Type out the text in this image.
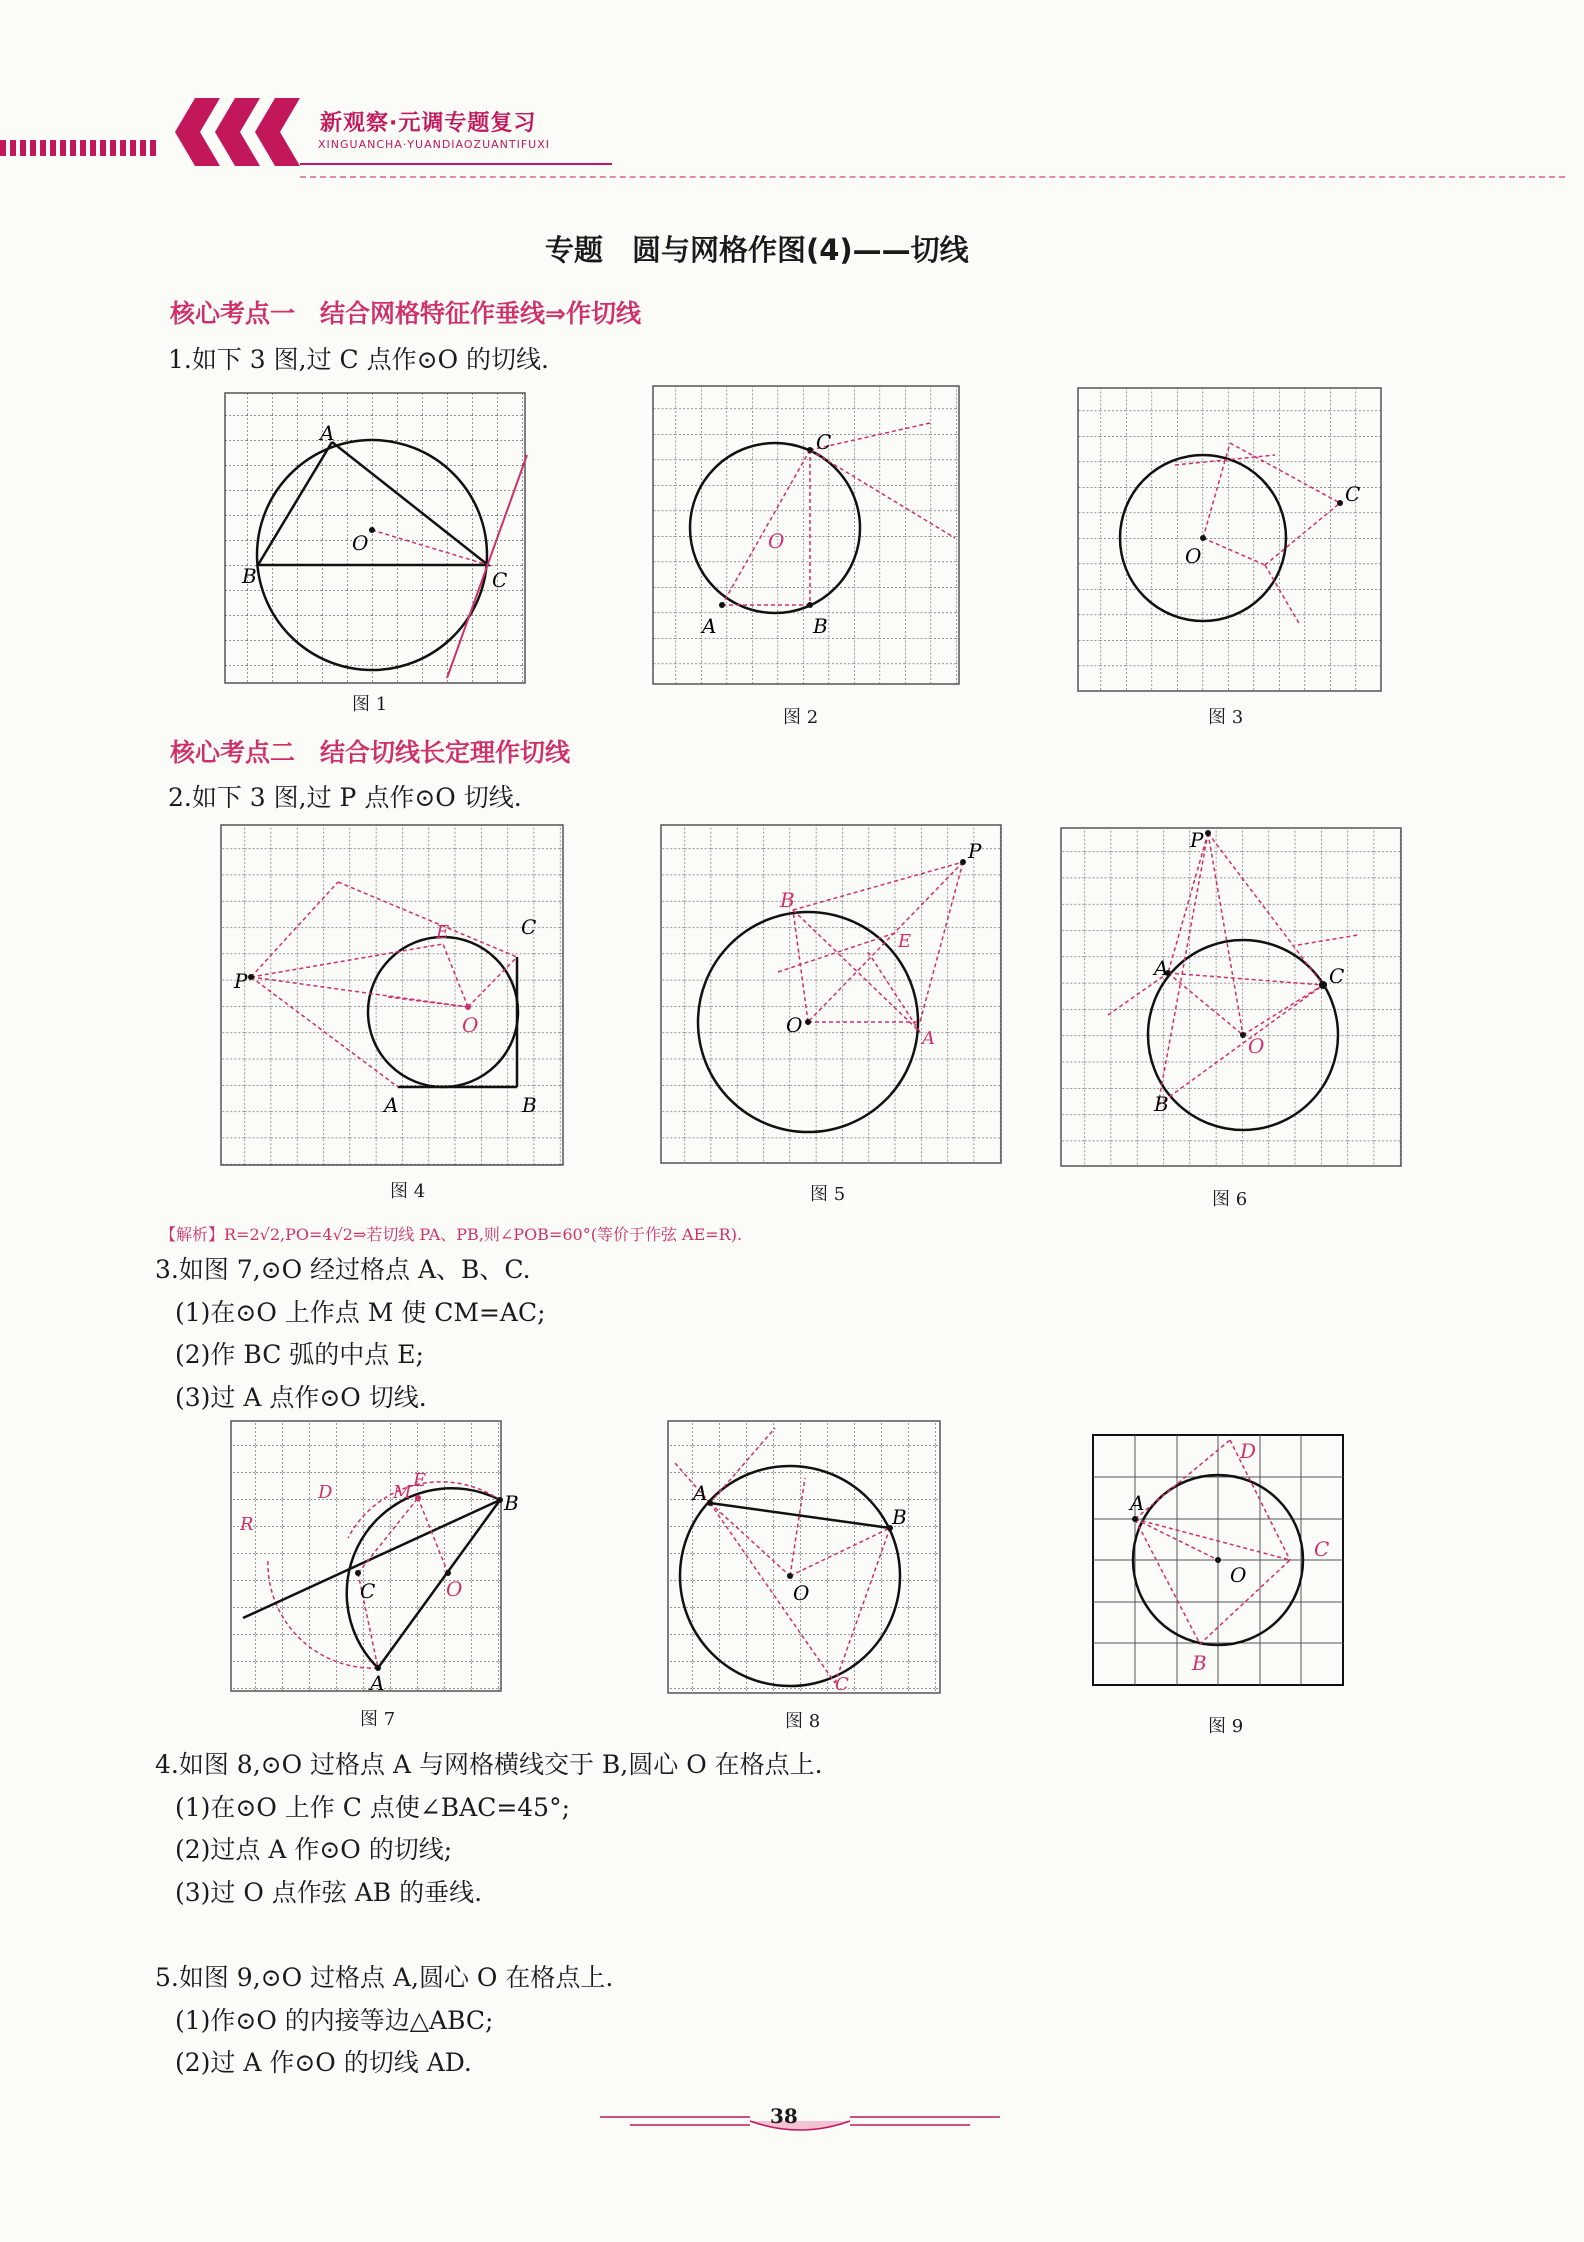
新观察·元调专题复习
XINGUANCHA·YUANDIAOZUANTIFUXI
专题　圆与网格作图(4)——切线
核心考点一　结合网格特征作垂线⇒作切线
1.如下 3 图,过 C 点作⊙O 的切线.
A
B	C
O
图 1
C
A	B
O
图 2
C
O
图 3
核心考点二　结合切线长定理作切线
2.如下 3 图,过 P 点作⊙O 切线.
P
C
A	B
O
E
图 4
P
B
E
A
O
图 5
P
A	C
O
B
图 6
【解析】R=2√2,PO=4√2⇒若切线 PA、PB,则∠POB=60°(等价于作弦 AE=R).
3.如图 7,⊙O 经过格点 A、B、C.
(1)在⊙O 上作点 M 使 CM=AC;
(2)作 BC 弧的中点 E;
(3)过 A 点作⊙O 切线.
B
C
A
O
D	M
E
R
图 7
A
B
O
C
图 8
A
D
C
O
B
图 9
4.如图 8,⊙O 过格点 A 与网格横线交于 B,圆心 O 在格点上.
(1)在⊙O 上作 C 点使∠BAC=45°;
(2)过点 A 作⊙O 的切线;
(3)过 O 点作弦 AB 的垂线.
5.如图 9,⊙O 过格点 A,圆心 O 在格点上.
(1)作⊙O 的内接等边△ABC;
(2)过 A 作⊙O 的切线 AD.
38
